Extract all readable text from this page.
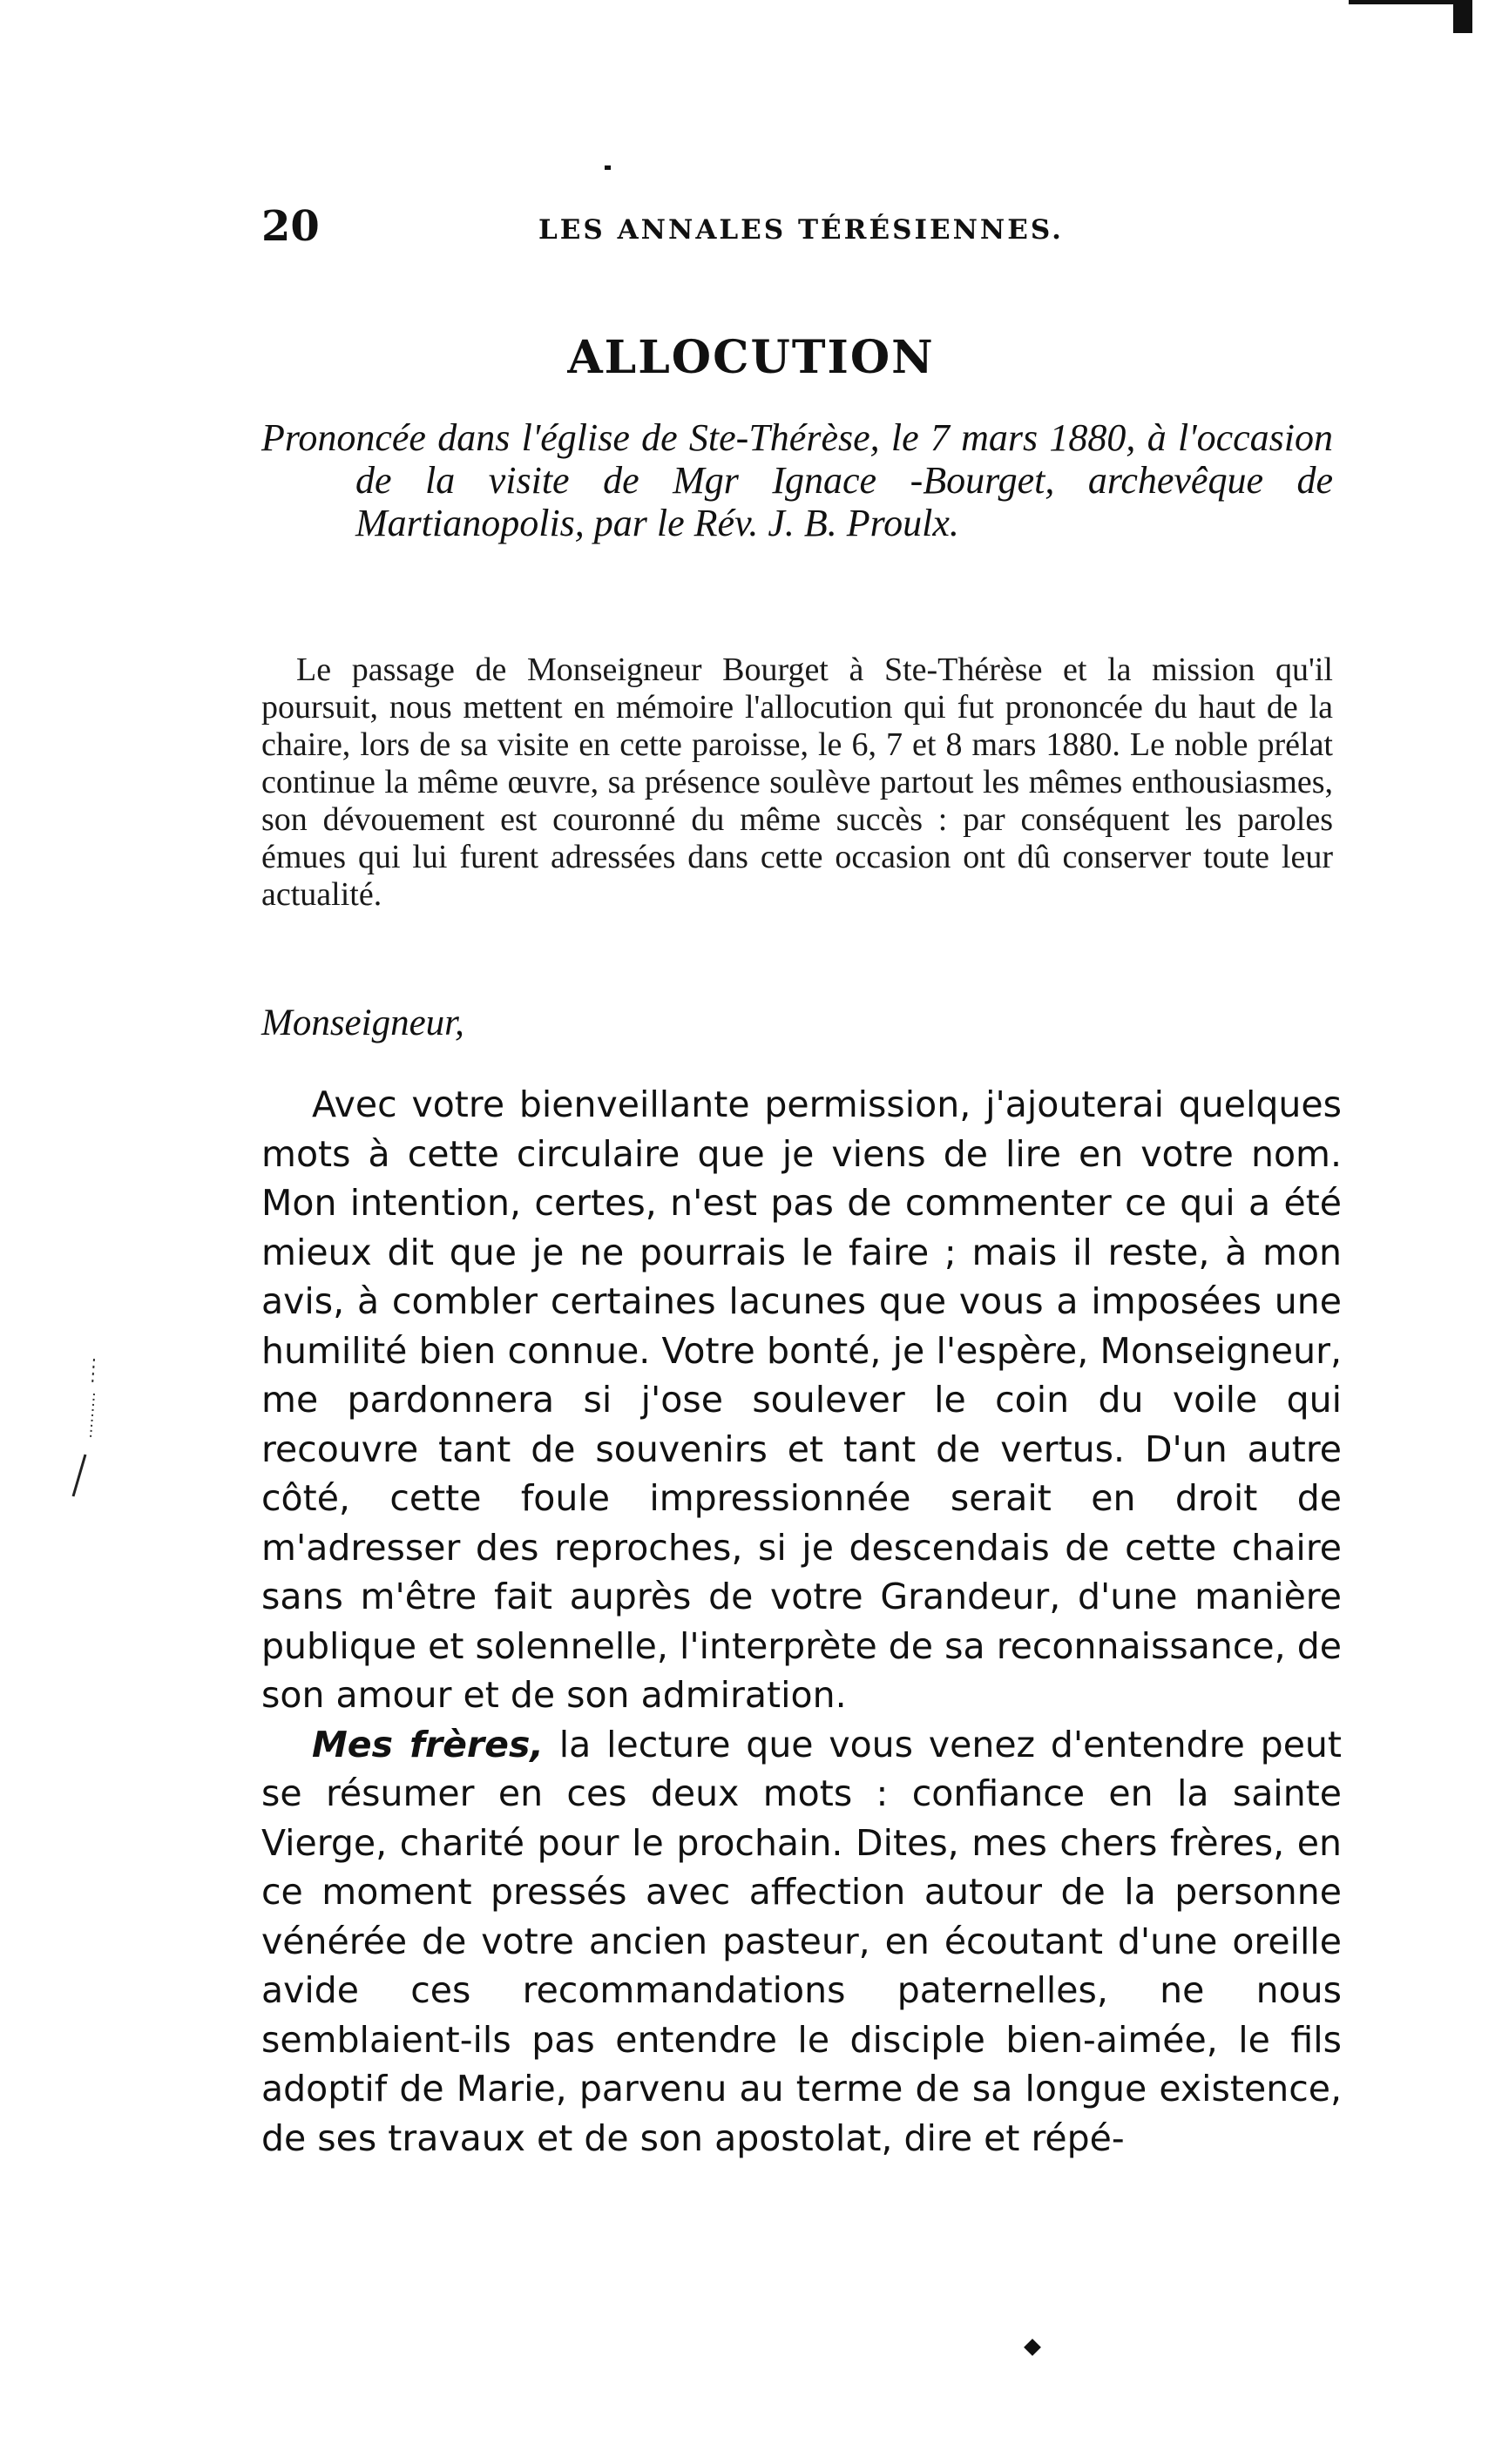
20	LES ANNALES TÉRÉSIENNES.
ALLOCUTION
Prononcée dans l'église de Ste-Thérèse, le 7 mars 1880, à l'occasion de la visite de Mgr Ignace -Bourget, archevêque de Martianopolis, par le Rév. J. B. Proulx.
Le passage de Monseigneur Bourget à Ste-Thérèse et la mission qu'il poursuit, nous mettent en mémoire l'allocution qui fut prononcée du haut de la chaire, lors de sa visite en cette paroisse, le 6, 7 et 8 mars 1880. Le noble prélat continue la même œuvre, sa présence soulève partout les mêmes enthousiasmes, son dévouement est couronné du même succès : par conséquent les paroles émues qui lui furent adressées dans cette occasion ont dû conserver toute leur actualité.
Monseigneur,

Avec votre bienveillante permission, j'ajouterai quelques mots à cette circulaire que je viens de lire en votre nom. Mon intention, certes, n'est pas de commenter ce qui a été mieux dit que je ne pourrais le faire ; mais il reste, à mon avis, à combler certaines lacunes que vous a imposées une humilité bien connue. Votre bonté, je l'espère, Monseigneur, me pardonnera si j'ose soulever le coin du voile qui recouvre tant de souvenirs et tant de vertus. D'un autre côté, cette foule impressionnée serait en droit de m'adresser des reproches, si je descendais de cette chaire sans m'être fait auprès de votre Grandeur, d'une manière publique et solennelle, l'interprète de sa reconnaissance, de son amour et de son admiration.

Mes frères, la lecture que vous venez d'entendre peut se résumer en ces deux mots : confiance en la sainte Vierge, charité pour le prochain. Dites, mes chers frères, en ce moment pressés avec affection autour de la personne vénérée de votre ancien pasteur, en écoutant d'une oreille avide ces recommandations paternelles, ne nous semblaient-ils pas entendre le disciple bien-aimée, le fils adoptif de Marie, parvenu au terme de sa longue existence, de ses travaux et de son apostolat, dire et répé-
